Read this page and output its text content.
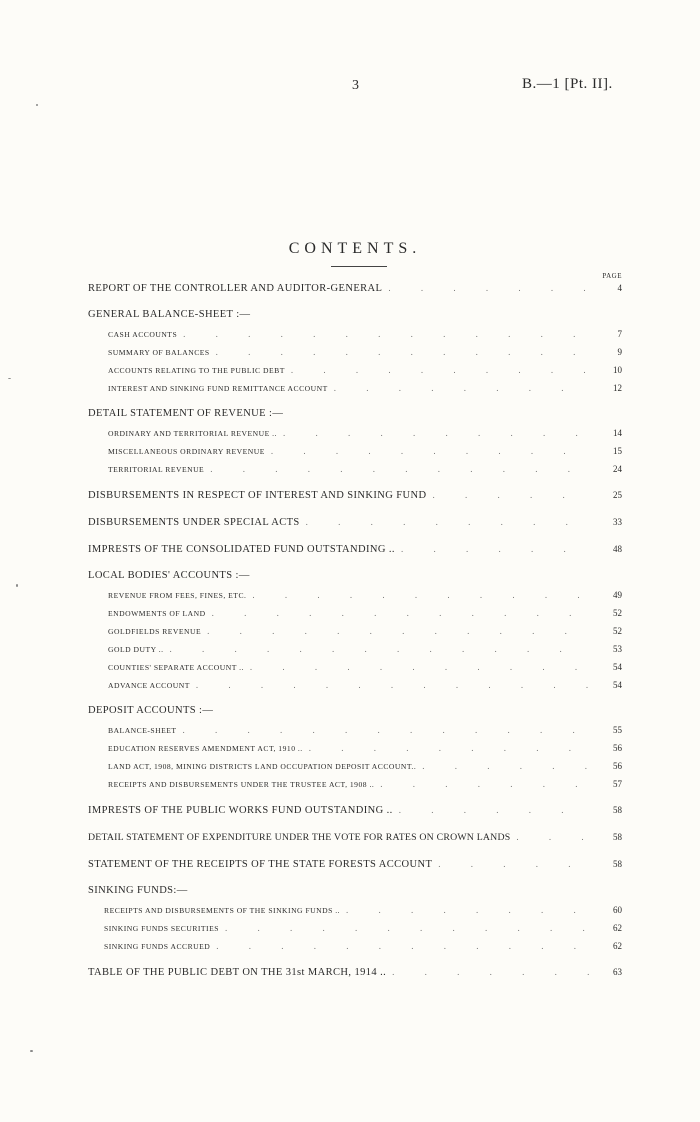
3	B.—1 [Pt. II].
CONTENTS.
PAGE
REPORT OF THE CONTROLLER AND AUDITOR-GENERAL . . .	4
GENERAL BALANCE-SHEET :—
CASH ACCOUNTS . . .	7
SUMMARY OF BALANCES . . .	9
ACCOUNTS RELATING TO THE PUBLIC DEBT . . .	10
INTEREST AND SINKING FUND REMITTANCE ACCOUNT . . .	12
DETAIL STATEMENT OF REVENUE :—
ORDINARY AND TERRITORIAL REVENUE .. . . .	14
MISCELLANEOUS ORDINARY REVENUE . . .	15
TERRITORIAL REVENUE . . .	24
DISBURSEMENTS IN RESPECT OF INTEREST AND SINKING FUND . . .	25
DISBURSEMENTS UNDER SPECIAL ACTS . . .	33
IMPRESTS OF THE CONSOLIDATED FUND OUTSTANDING .. . . .	48
LOCAL BODIES' ACCOUNTS :—
REVENUE FROM FEES, FINES, ETC. . . .	49
ENDOWMENTS OF LAND . . .	52
GOLDFIELDS REVENUE . . .	52
GOLD DUTY .. . . .	53
COUNTIES' SEPARATE ACCOUNT .. . . .	54
ADVANCE ACCOUNT . . .	54
DEPOSIT ACCOUNTS :—
BALANCE-SHEET . . .	55
EDUCATION RESERVES AMENDMENT ACT, 1910 .. . . .	56
LAND ACT, 1908, MINING DISTRICTS LAND OCCUPATION DEPOSIT ACCOUNT.. . . .	56
RECEIPTS AND DISBURSEMENTS UNDER THE TRUSTEE ACT, 1908 .. . . .	57
IMPRESTS OF THE PUBLIC WORKS FUND OUTSTANDING .. . . .	58
DETAIL STATEMENT OF EXPENDITURE UNDER THE VOTE FOR RATES ON CROWN LANDS . . .	58
STATEMENT OF THE RECEIPTS OF THE STATE FORESTS ACCOUNT . . .	58
SINKING FUNDS:—
RECEIPTS AND DISBURSEMENTS OF THE SINKING FUNDS .. . . .	60
SINKING FUNDS SECURITIES . . .	62
SINKING FUNDS ACCRUED . . .	62
TABLE OF THE PUBLIC DEBT ON THE 31st MARCH, 1914 .. . . .	63
